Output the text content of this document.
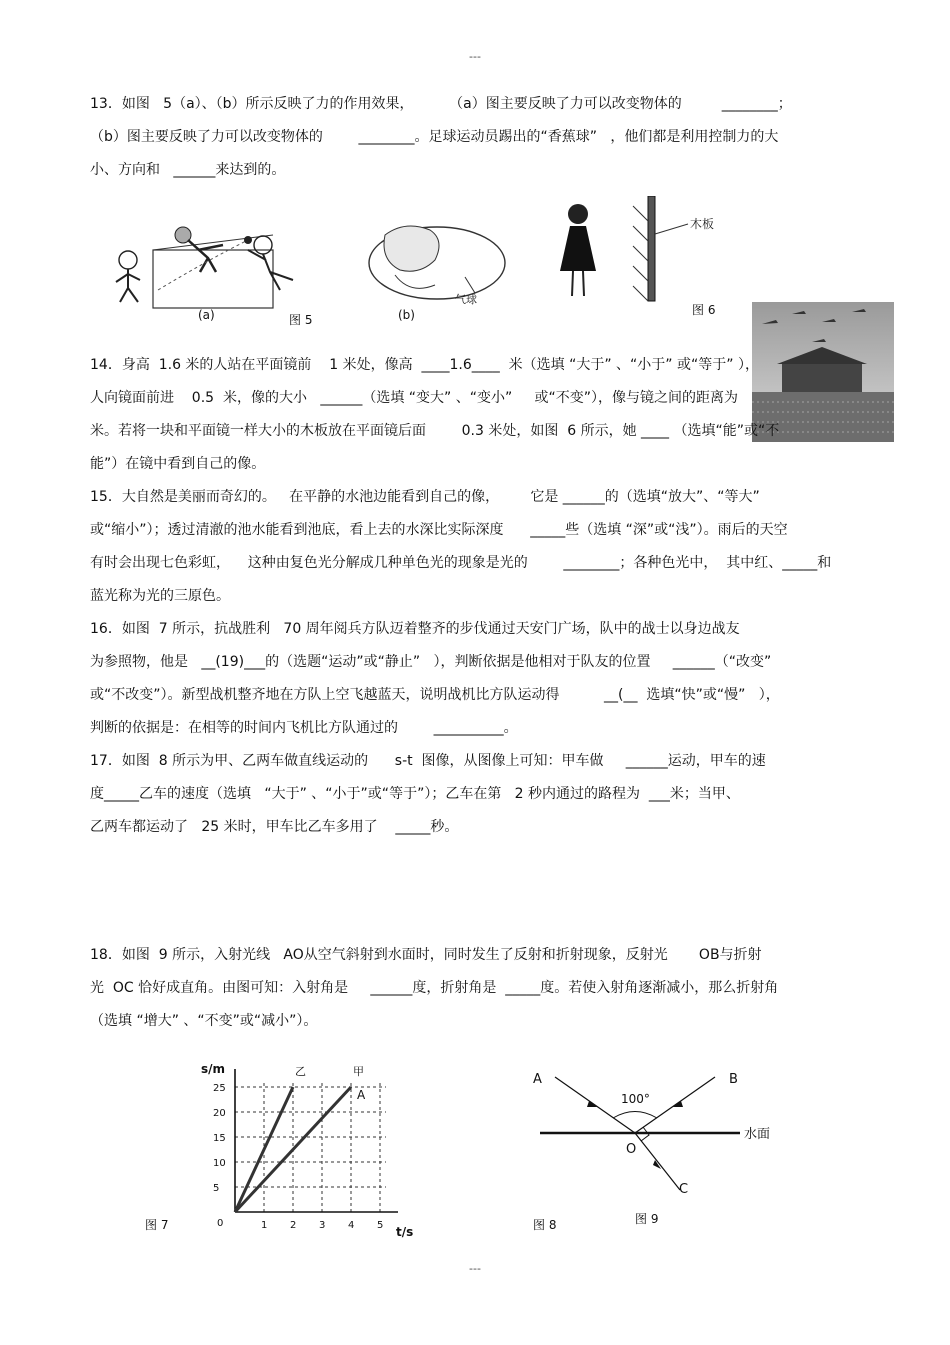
---
13．如图   5（a）、（b）所示反映了力的作用效果，        （a）图主要反映了力可以改变物体的         ________；
（b）图主要反映了力可以改变物体的        ________。足球运动员踢出的“香蕉球”   ，他们都是利用控制力的大
小、方向和   ______来达到的。
(a)	图 5
气球
(b)
木板
图 6
14．身高  1.6 米的人站在平面镜前    1 米处，像高  ____1.6____  米（选填 “大于” 、“小于” 或“等于” ），
人向镜面前进    0.5  米，像的大小   ______（选填 “变大” 、“变小”     或“不变”），像与镜之间的距离为
米。若将一块和平面镜一样大小的木板放在平面镜后面        0.3 米处，如图  6 所示，她 ____ （选填“能”或“不
能”）在镜中看到自己的像。
15．大自然是美丽而奇幻的。   在平静的水池边能看到自己的像，       它是 ______的（选填“放大”、“等大”
或“缩小”）；透过清澈的池水能看到池底，看上去的水深比实际深度      _____些（选填 “深”或“浅”）。雨后的天空
有时会出现七色彩虹，    这种由复色光分解成几种单色光的现象是光的        ________；各种色光中，  其中红、_____和
蓝光称为光的三原色。
16．如图  7 所示，抗战胜利   70 周年阅兵方队迈着整齐的步伐通过天安门广场，队中的战士以身边战友
为参照物，他是   __(19)___的（选题“运动”或“静止”   ），判断依据是他相对于队友的位置     ______（“改变”
或“不改变”）。新型战机整齐地在方队上空飞越蓝天，说明战机比方队运动得          __(__  选填“快”或“慢”   ），
判断的依据是：在相等的时间内飞机比方队通过的        __________。
17．如图  8 所示为甲、乙两车做直线运动的      s-t  图像，从图像上可知：甲车做     ______运动，甲车的速
度_____乙车的速度（选填   “大于” 、“小于”或“等于”）；乙车在第   2 秒内通过的路程为  ___米；当甲、
乙两车都运动了   25 米时，甲车比乙车多用了    _____秒。
18．如图  9 所示，入射光线   AO从空气斜射到水面时，同时发生了反射和折射现象，反射光       OB与折射
光  OC 恰好成直角。由图可知：入射角是     ______度，折射角是  _____度。若使入射角逐渐减小，那么折射角
（选填 “增大” 、“不变”或“减小”）。
1 2 3 4 5
5
10
15
20
25
0
s/m
t/s
乙	甲
A
图 7
水面
A	B
O
C
100°
图 8	图 9
---
